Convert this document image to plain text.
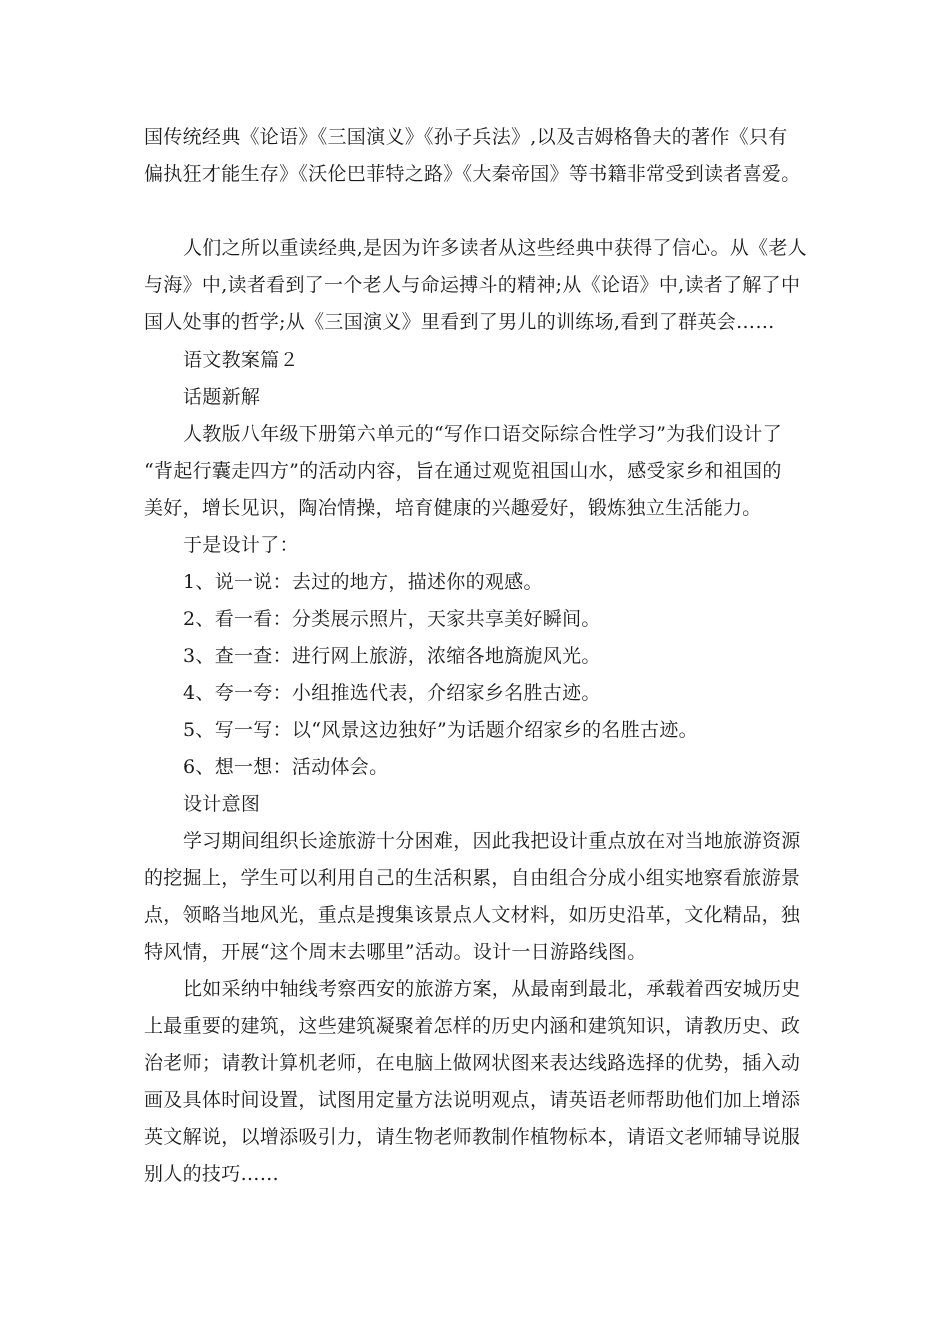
国传统经典《论语》《三国演义》《孙子兵法》,以及吉姆格鲁夫的著作《只有
偏执狂才能生存》《沃伦巴菲特之路》《大秦帝国》等书籍非常受到读者喜爱。
人们之所以重读经典,是因为许多读者从这些经典中获得了信心。从《老人
与海》中,读者看到了一个老人与命运搏斗的精神;从《论语》中,读者了解了中
国人处事的哲学;从《三国演义》里看到了男儿的训练场,看到了群英会……
语文教案篇２
话题新解
人教版八年级下册第六单元的“写作口语交际综合性学习”为我们设计了
“背起行囊走四方”的活动内容，旨在通过观览祖国山水，感受家乡和祖国的
美好，增长见识，陶冶情操，培育健康的兴趣爱好，锻炼独立生活能力。
于是设计了：
1、说一说：去过的地方，描述你的观感。
2、看一看：分类展示照片，天家共享美好瞬间。
3、查一查：进行网上旅游，浓缩各地旖旎风光。
4、夸一夸：小组推选代表，介绍家乡名胜古迹。
5、写一写：以“风景这边独好”为话题介绍家乡的名胜古迹。
6、想一想：活动体会。
设计意图
学习期间组织长途旅游十分困难，因此我把设计重点放在对当地旅游资源
的挖掘上，学生可以利用自己的生活积累，自由组合分成小组实地察看旅游景
点，领略当地风光，重点是搜集该景点人文材料，如历史沿革，文化精品，独
特风情，开展“这个周末去哪里”活动。设计一日游路线图。
比如采纳中轴线考察西安的旅游方案，从最南到最北，承载着西安城历史
上最重要的建筑，这些建筑凝聚着怎样的历史内涵和建筑知识，请教历史、政
治老师；请教计算机老师，在电脑上做网状图来表达线路选择的优势，插入动
画及具体时间设置，试图用定量方法说明观点，请英语老师帮助他们加上增添
英文解说，以增添吸引力，请生物老师教制作植物标本，请语文老师辅导说服
别人的技巧……
